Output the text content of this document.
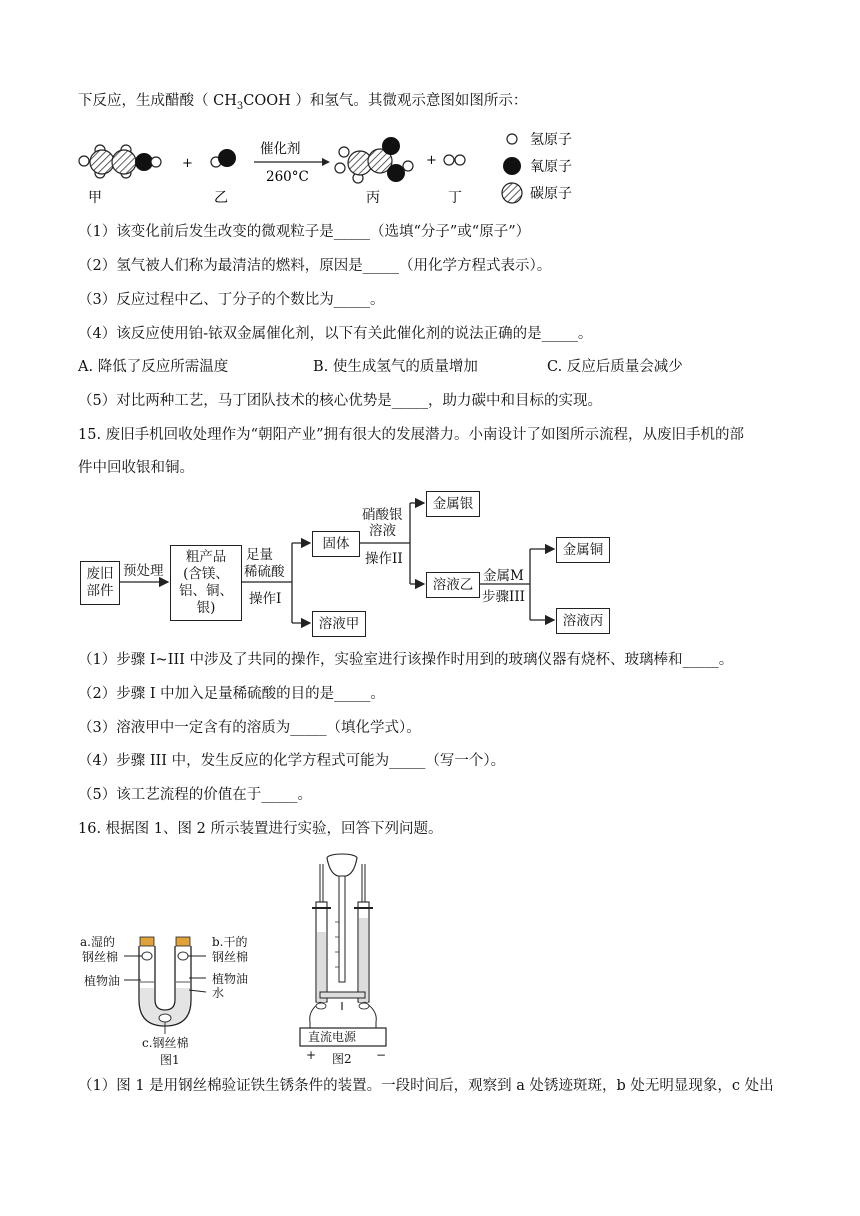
下反应，生成醋酸（ $CH_3COOH$ ）和氢气。其微观示意图如图所示：
甲
+
乙
催化剂
260°C
丙
+
丁
氢原子
氧原子
碳原子
（1）该变化前后发生改变的微观粒子是_____（选填“分子”或“原子”）
（2）氢气被人们称为最清洁的燃料，原因是_____（用化学方程式表示）。
（3）反应过程中乙、丁分子的个数比为_____。
（4）该反应使用铂-铱双金属催化剂，以下有关此催化剂的说法正确的是_____。
A. 降低了反应所需温度	B. 使生成氢气的质量增加	C. 反应后质量会减少
（5）对比两种工艺，马丁团队技术的核心优势是_____，助力碳中和目标的实现。
15. 废旧手机回收处理作为“朝阳产业”拥有很大的发展潜力。小南设计了如图所示流程，从废旧手机的部
件中回收银和铜。
废旧
部件
预处理
粗产品
(含镁、
铝、铜、
银)
足量
稀硫酸
操作I
固体
溶液甲
硝酸银
溶液
操作II
金属银
溶液乙
金属M
步骤III
金属铜
溶液丙
（1）步骤 I~III 中涉及了共同的操作，实验室进行该操作时用到的玻璃仪器有烧杯、玻璃棒和_____。
（2）步骤 I 中加入足量稀硫酸的目的是_____。
（3）溶液甲中一定含有的溶质为_____（填化学式）。
（4）步骤 III 中，发生反应的化学方程式可能为_____（写一个）。
（5）该工艺流程的价值在于_____。
16. 根据图 1、图 2 所示装置进行实验，回答下列问题。
a.湿的
钢丝棉
b.干的
钢丝棉
植物油	植物油
水
c.钢丝棉
图1
直流电源
+	−
图2
（1）图 1 是用钢丝棉验证铁生锈条件的装置。一段时间后，观察到 a 处锈迹斑斑，b 处无明显现象，c 处出
